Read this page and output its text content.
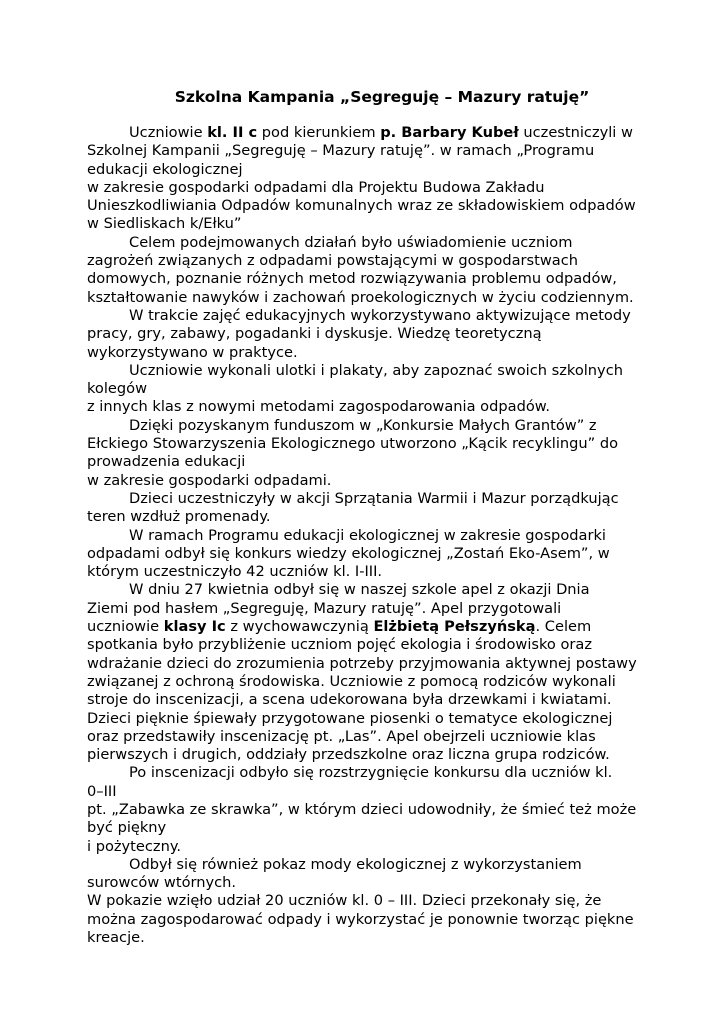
Szkolna Kampania „Segreguję – Mazury ratuję”
Uczniowie kl. II c pod kierunkiem p. Barbary Kubeł uczestniczyli w
Szkolnej Kampanii „Segreguję – Mazury ratuję”. w ramach „Programu
edukacji ekologicznej
w zakresie gospodarki odpadami dla Projektu Budowa Zakładu
Unieszkodliwiania Odpadów komunalnych wraz ze składowiskiem odpadów
w Siedliskach k/Ełku”
Celem podejmowanych działań było uświadomienie uczniom
zagrożeń związanych z odpadami powstającymi w gospodarstwach
domowych, poznanie różnych metod rozwiązywania problemu odpadów,
kształtowanie nawyków i zachowań proekologicznych w życiu codziennym.
W trakcie zajęć edukacyjnych wykorzystywano aktywizujące metody
pracy, gry, zabawy, pogadanki i dyskusje. Wiedzę teoretyczną
wykorzystywano w praktyce.
Uczniowie wykonali ulotki i plakaty, aby zapoznać swoich szkolnych
kolegów
z innych klas z nowymi metodami zagospodarowania odpadów.
Dzięki pozyskanym funduszom w „Konkursie Małych Grantów” z
Ełckiego Stowarzyszenia Ekologicznego utworzono „Kącik recyklingu” do
prowadzenia edukacji
w zakresie gospodarki odpadami.
Dzieci uczestniczyły w akcji Sprzątania Warmii i Mazur porządkując
teren wzdłuż promenady.
W ramach Programu edukacji ekologicznej w zakresie gospodarki
odpadami odbył się konkurs wiedzy ekologicznej „Zostań Eko-Asem”, w
którym uczestniczyło 42 uczniów kl. I-III.
W dniu 27 kwietnia odbył się w naszej szkole apel z okazji Dnia
Ziemi pod hasłem „Segreguję, Mazury ratuję”. Apel przygotowali
uczniowie klasy Ic z wychowawczynią Elżbietą Pełszyńską. Celem
spotkania było przybliżenie uczniom pojęć ekologia i środowisko oraz
wdrażanie dzieci do zrozumienia potrzeby przyjmowania aktywnej postawy
związanej z ochroną środowiska. Uczniowie z pomocą rodziców wykonali
stroje do inscenizacji, a scena udekorowana była drzewkami i kwiatami.
Dzieci pięknie śpiewały przygotowane piosenki o tematyce ekologicznej
oraz przedstawiły inscenizację pt. „Las”. Apel obejrzeli uczniowie klas
pierwszych i drugich, oddziały przedszkolne oraz liczna grupa rodziców.
Po inscenizacji odbyło się rozstrzygnięcie konkursu dla uczniów kl.
0–III
pt. „Zabawka ze skrawka”, w którym dzieci udowodniły, że śmieć też może
być piękny
i pożyteczny.
Odbył się również pokaz mody ekologicznej z wykorzystaniem
surowców wtórnych.
W pokazie wzięło udział 20 uczniów kl. 0 – III. Dzieci przekonały się, że
można zagospodarować odpady i wykorzystać je ponownie tworząc piękne
kreacje.
